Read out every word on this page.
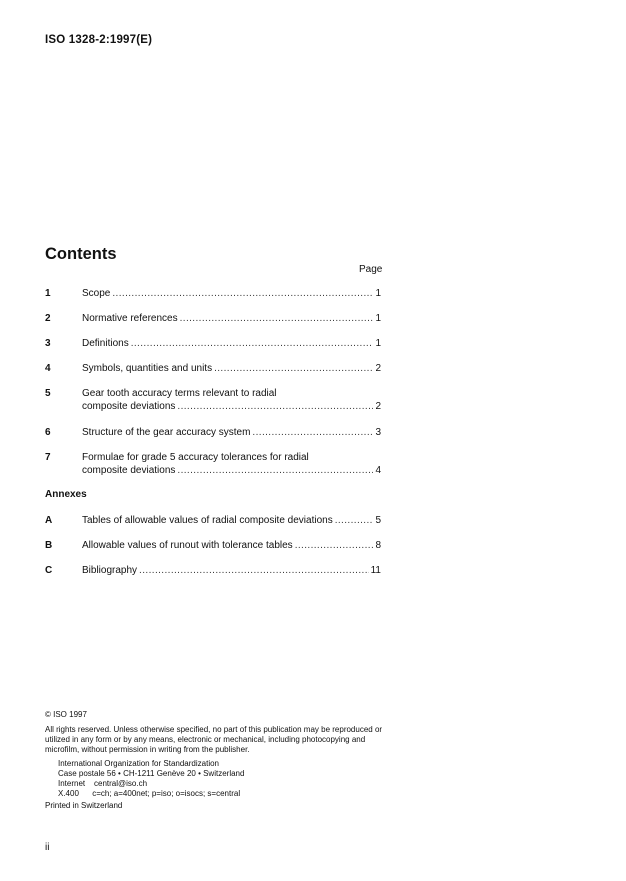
ISO 1328-2:1997(E)
Contents
Page
1	Scope .....	1
2	Normative references .....	1
3	Definitions .....	1
4	Symbols, quantities and units .....	2
5	Gear tooth accuracy terms relevant to radial
composite deviations .....	2
6	Structure of the gear accuracy system .....	3
7	Formulae for grade 5 accuracy tolerances for radial
composite deviations .....	4
A	Tables of allowable values of radial composite deviations .....	5
B	Allowable values of runout with tolerance tables .....	8
C	Bibliography .....	11
Annexes

© ISO 1997

All rights reserved. Unless otherwise specified, no part of this publication may be reproduced or utilized in any form or by any means, electronic or mechanical, including photocopying and microfilm, without permission in writing from the publisher.

International Organization for Standardization
Case postale 56 • CH-1211 Genève 20 • Switzerland
Internet    central@iso.ch
X.400      c=ch; a=400net; p=iso; o=isocs; s=central
Printed in Switzerland
ii
